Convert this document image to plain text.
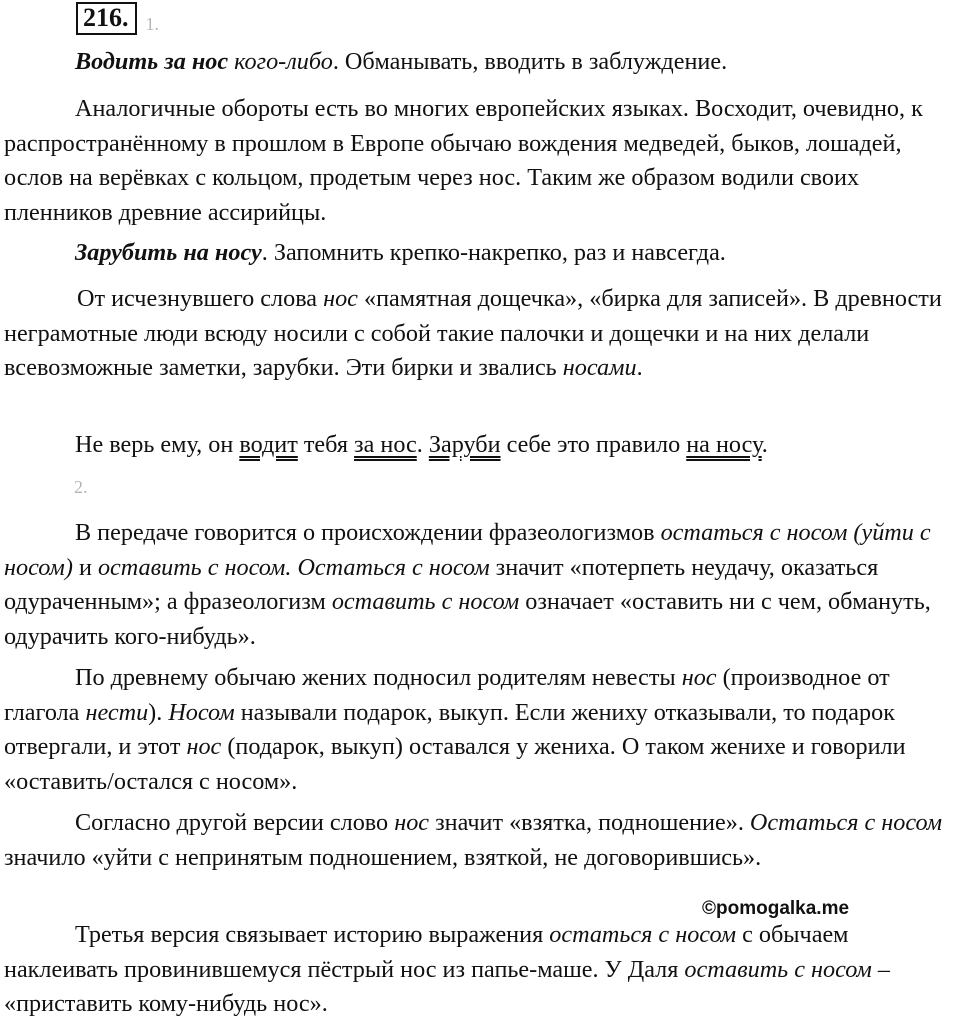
216. 1.

Водить за нос кого-либо. Обманывать, вводить в заблуждение.

Аналогичные обороты есть во многих европейских языках. Восходит, очевидно, к распространённому в прошлом в Европе обычаю вождения медведей, быков, лошадей, ослов на верёвках с кольцом, продетым через нос. Таким же образом водили своих пленников древние ассирийцы.

Зарубить на носу. Запомнить крепко-накрепко, раз и навсегда.

От исчезнувшего слова нос «памятная дощечка», «бирка для записей». В древности неграмотные люди всюду носили с собой такие палочки и дощечки и на них делали всевозможные заметки, зарубки. Эти бирки и звались носами.

Не верь ему, он водит тебя за нос. Заруби себе это правило на носу.

2.

В передаче говорится о происхождении фразеологизмов остаться с носом (уйти с носом) и оставить с носом. Остаться с носом значит «потерпеть неудачу, оказаться одураченным»; а фразеологизм оставить с носом означает «оставить ни с чем, обмануть, одурачить кого-нибудь».

По древнему обычаю жених подносил родителям невесты нос (производное от глагола нести). Носом называли подарок, выкуп. Если жениху отказывали, то подарок отвергали, и этот нос (подарок, выкуп) оставался у жениха. О таком женихе и говорили «оставить/остался с носом».

Согласно другой версии слово нос значит «взятка, подношение». Остаться с носом значило «уйти с непринятым подношением, взяткой, не договорившись».

©pomogalka.me

Третья версия связывает историю выражения остаться с носом с обычаем наклеивать провинившемуся пёстрый нос из папье-маше. У Даля оставить с носом – «приставить кому-нибудь нос».
